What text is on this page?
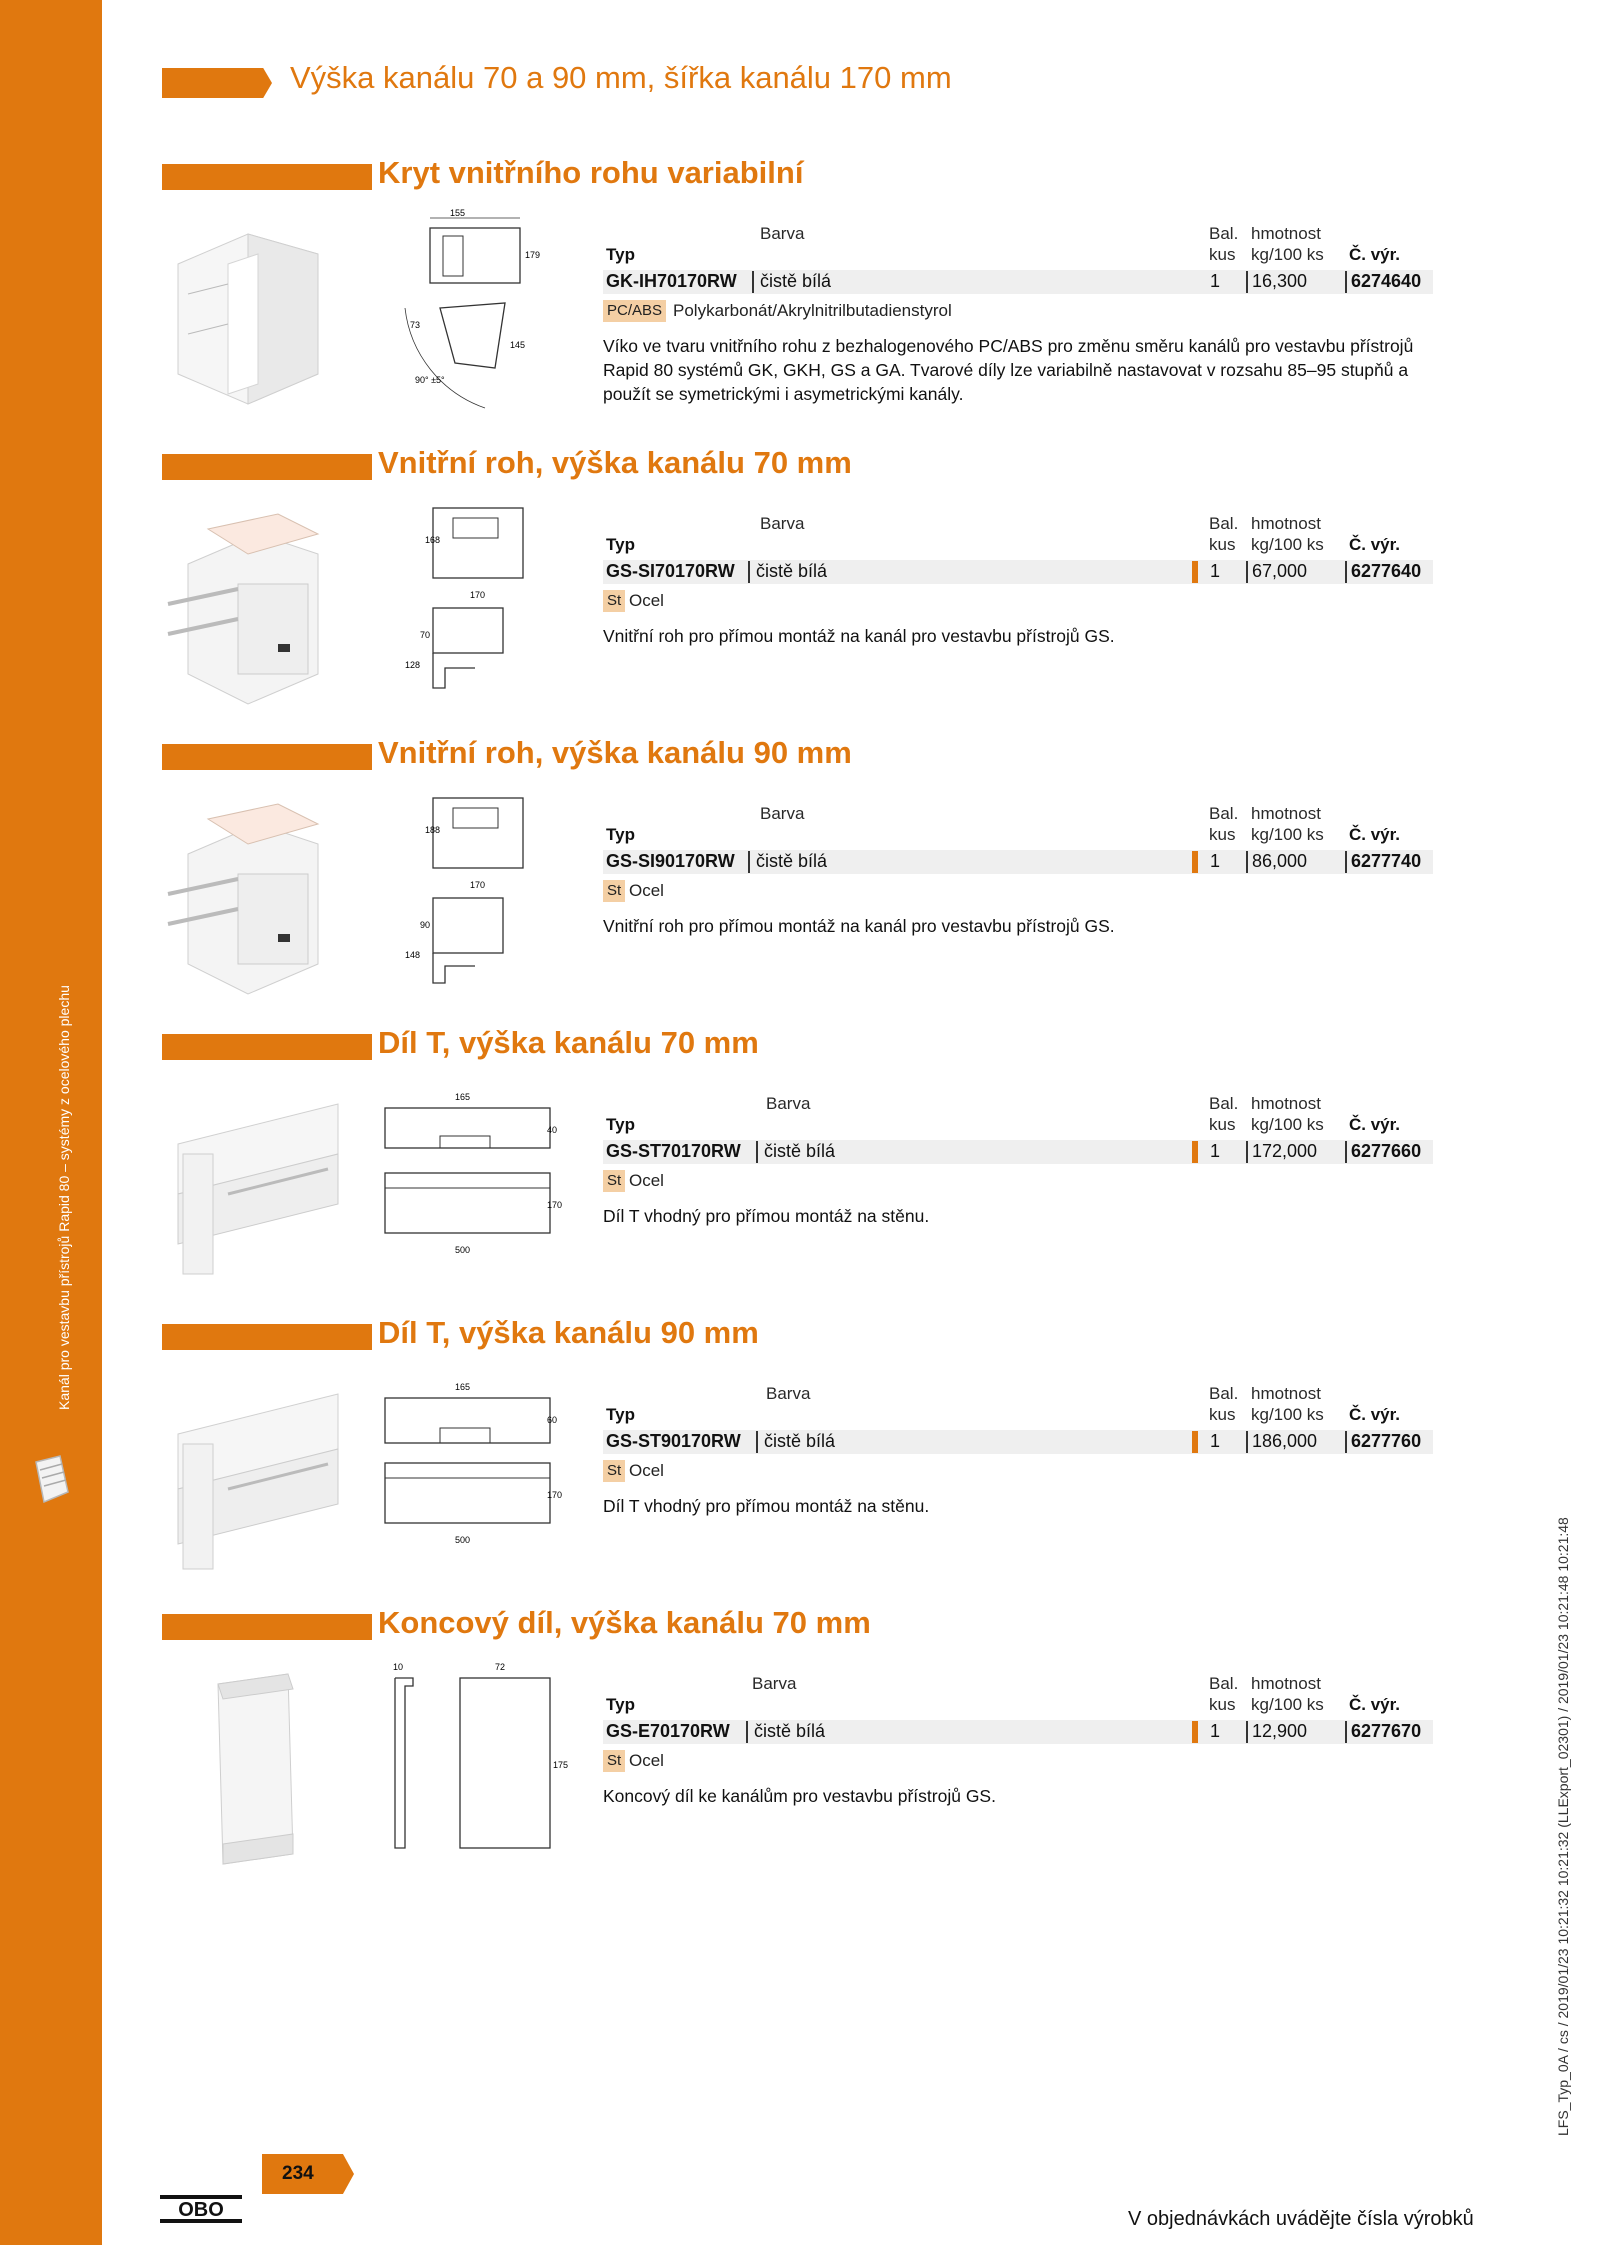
Kanál pro vestavbu přístrojů Rapid 80 – systémy z ocelového plechu
Výška kanálu 70 a 90 mm, šířka kanálu 170 mm
LFS_Typ_0A / cs / 2019/01/23 10:21:32 10:21:32 (LLExport_02301) / 2019/01/23 10:21:48 10:21:48
Kryt vnitřního rohu variabilní
155
179
73
145
90° ±5°
Barva	Bal. hmotnost
Typ	kus kg/100 ks Č. výr.
GK-IH70170RW čistě bílá	1 16,300 6274640
PC/ABS Polykarbonát/Akrylnitrilbutadienstyrol
Víko ve tvaru vnitřního rohu z bezhalogenového PC/ABS pro změnu směru kanálů pro vestavbu přístrojů Rapid 80 systémů GK, GKH, GS a GA. Tvarové díly lze variabilně nastavovat v rozsahu 85–95 stupňů a použít se symetrickými i asymetrickými kanály.
Vnitřní roh, výška kanálu 70 mm
168
170
128
70
Barva	Bal. hmotnost
Typ	kus kg/100 ks Č. výr.
GS-SI70170RW čistě bílá	1 67,000 6277640
St Ocel
Vnitřní roh pro přímou montáž na kanál pro vestavbu přístrojů GS.
Vnitřní roh, výška kanálu 90 mm
188
170
148
90
Barva	Bal. hmotnost
Typ	kus kg/100 ks Č. výr.
GS-SI90170RW čistě bílá	1 86,000 6277740
St Ocel
Vnitřní roh pro přímou montáž na kanál pro vestavbu přístrojů GS.
Díl T, výška kanálu 70 mm
165
40
170
500
Barva	Bal. hmotnost
Typ	kus kg/100 ks Č. výr.
GS-ST70170RW čistě bílá	1 172,000 6277660
St Ocel
Díl T vhodný pro přímou montáž na stěnu.
Díl T, výška kanálu 90 mm
165
60
170
500
Barva	Bal. hmotnost
Typ	kus kg/100 ks Č. výr.
GS-ST90170RW čistě bílá	1 186,000 6277760
St Ocel
Díl T vhodný pro přímou montáž na stěnu.
Koncový díl, výška kanálu 70 mm
10	72
175
Barva	Bal. hmotnost
Typ	kus kg/100 ks Č. výr.
GS-E70170RW čistě bílá	1 12,900 6277670
St Ocel
Koncový díl ke kanálům pro vestavbu přístrojů GS.
OBO
234
V objednávkách uvádějte čísla výrobků
